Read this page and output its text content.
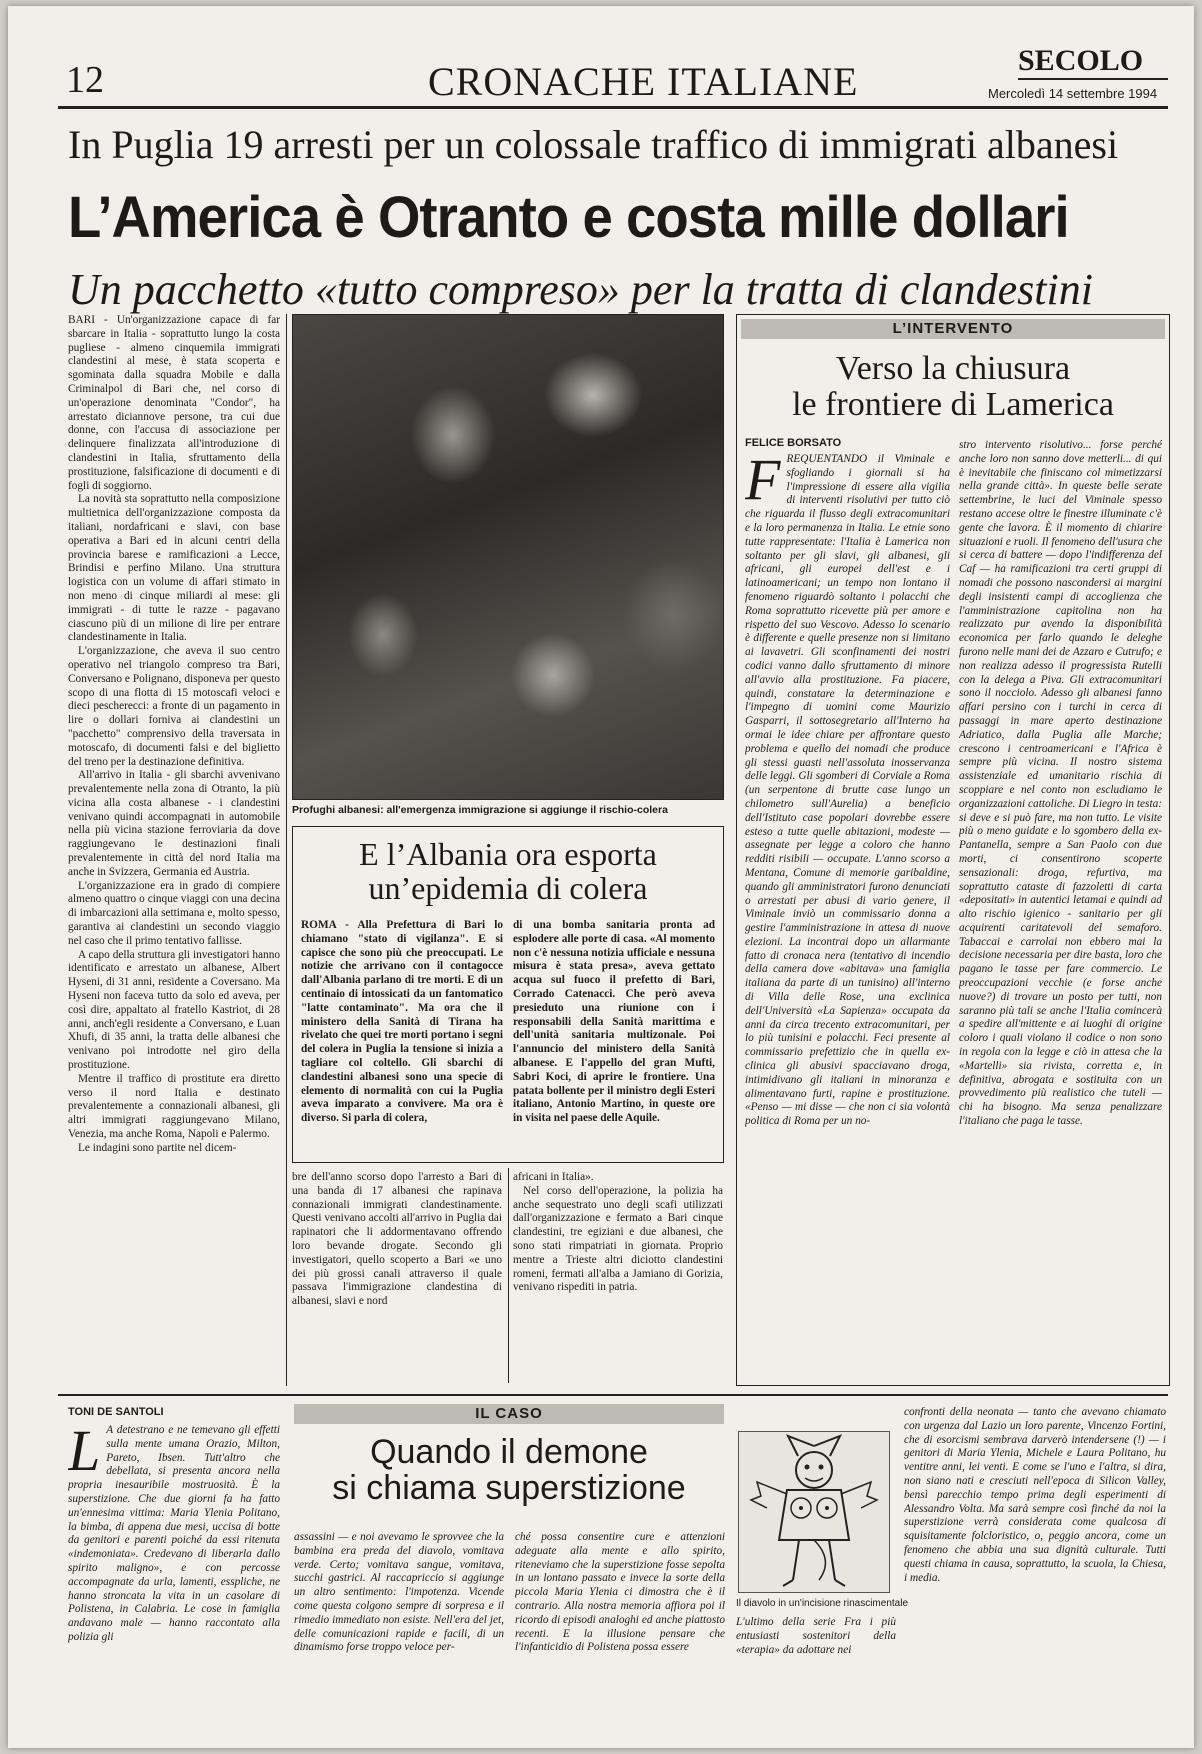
12	CRONACHE ITALIANE	SECOLO
Mercoledì 14 settembre 1994
In Puglia 19 arresti per un colossale traffico di immigrati albanesi
L’America è Otranto e costa mille dollari
Un pacchetto «tutto compreso» per la tratta di clandestini

BARI - Un'organizzazione capace di far sbarcare in Italia - soprattutto lungo la costa pugliese - almeno cinquemila immigrati clandestini al mese, è stata scoperta e sgominata dalla squadra Mobile e dalla Criminalpol di Bari che, nel corso di un'operazione denominata "Condor", ha arrestato diciannove persone, tra cui due donne, con l'accusa di associazione per delinquere finalizzata all'introduzione di clandestini in Italia, sfruttamento della prostituzione, falsificazione di documenti e di fogli di soggiorno.

La novità sta soprattutto nella composizione multietnica dell'organizzazione composta da italiani, nordafricani e slavi, con base operativa a Bari ed in alcuni centri della provincia barese e ramificazioni a Lecce, Brindisi e perfino Milano. Una struttura logistica con un volume di affari stimato in non meno di cinque miliardi al mese: gli immigrati - di tutte le razze - pagavano ciascuno più di un milione di lire per entrare clandestinamente in Italia.

L'organizzazione, che aveva il suo centro operativo nel triangolo compreso tra Bari, Conversano e Polignano, disponeva per questo scopo di una flotta di 15 motoscafi veloci e dieci pescherecci: a fronte di un pagamento in lire o dollari forniva ai clandestini un "pacchetto" comprensivo della traversata in motoscafo, di documenti falsi e del biglietto del treno per la destinazione definitiva.

All'arrivo in Italia - gli sbarchi avvenivano prevalentemente nella zona di Otranto, la più vicina alla costa albanese - i clandestini venivano quindi accompagnati in automobile nella più vicina stazione ferroviaria da dove raggiungevano le destinazioni finali prevalentemente in città del nord Italia ma anche in Svizzera, Germania ed Austria.

L'organizzazione era in grado di compiere almeno quattro o cinque viaggi con una decina di imbarcazioni alla settimana e, molto spesso, garantiva ai clandestini un secondo viaggio nel caso che il primo tentativo fallisse.

A capo della struttura gli investigatori hanno identificato e arrestato un albanese, Albert Hyseni, di 31 anni, residente a Coversano. Ma Hyseni non faceva tutto da solo ed aveva, per così dire, appaltato al fratello Kastriot, di 28 anni, anch'egli residente a Conversano, e Luan Xhufi, di 35 anni, la tratta delle albanesi che venivano poi introdotte nel giro della prostituzione.

Mentre il traffico di prostitute era diretto verso il nord Italia e destinato prevalentemente a connazionali albanesi, gli altri immigrati raggiungevano Milano, Venezia, ma anche Roma, Napoli e Palermo.

Le indagini sono partite nel dicem-

Profughi albanesi: all'emergenza immigrazione si aggiunge il rischio-colera
E l’Albania ora esporta un’epidemia di colera
ROMA - Alla Prefettura di Bari lo chiamano "stato di vigilanza". E si capisce che sono più che preoccupati. Le notizie che arrivano con il contagocce dall'Albania parlano di tre morti. E di un centinaio di intossicati da un fantomatico "latte contaminato". Ma ora che il ministero della Sanità di Tirana ha rivelato che quei tre morti portano i segni del colera in Puglia la tensione si inizia a tagliare col coltello. Gli sbarchi di clandestini albanesi sono una specie di elemento di normalità con cui la Puglia aveva imparato a convivere. Ma ora è diverso. Si parla di colera,
di una bomba sanitaria pronta ad esplodere alle porte di casa. «Al momento non c'è nessuna notizia ufficiale e nessuna misura è stata presa», aveva gettato acqua sul fuoco il prefetto di Bari, Corrado Catenacci. Che però aveva presieduto una riunione con i responsabili della Sanità marittima e dell'unità sanitaria multizonale. Poi l'annuncio del ministero della Sanità albanese. E l'appello del gran Mufti, Sabri Koci, di aprire le frontiere. Una patata bollente per il ministro degli Esteri italiano, Antonio Martino, in queste ore in visita nel paese delle Aquile.

bre dell'anno scorso dopo l'arresto a Bari di una banda di 17 albanesi che rapinava connazionali immigrati clandestinamente. Questi venivano accolti all'arrivo in Puglia dai rapinatori che li addormentavano offrendo loro bevande drogate. Secondo gli investigatori, quello scoperto a Bari «e uno dei più grossi canali attraverso il quale passava l'immigrazione clandestina di albanesi, slavi e nord

africani in Italia».

Nel corso dell'operazione, la polizia ha anche sequestrato uno degli scafi utilizzati dall'organizzazione e fermato a Bari cinque clandestini, tre egiziani e due albanesi, che sono stati rimpatriati in giornata. Proprio mentre a Trieste altri diciotto clandestini romeni, fermati all'alba a Jamiano di Gorizia, venivano rispediti in patria.

L’INTERVENTO
Verso la chiusura
le frontiere di Lamerica
FELICE BORSATO
FREQUENTANDO il Viminale e sfogliando i giornali si ha l'impressione di essere alla vigilia di interventi risolutivi per tutto ciò che riguarda il flusso degli extracomunitari e la loro permanenza in Italia. Le etnie sono tutte rappresentate: l'Italia è Lamerica non soltanto per gli slavi, gli albanesi, gli africani, gli europei dell'est e i latinoamericani; un tempo non lontano il fenomeno riguardò soltanto i polacchi che Roma soprattutto ricevette più per amore e rispetto del suo Vescovo. Adesso lo scenario è differente e quelle presenze non si limitano ai lavavetri. Gli sconfinamenti dei nostri codici vanno dallo sfruttamento di minore all'avvio alla prostituzione. Fa piacere, quindi, constatare la determinazione e l'impegno di uomini come Maurizio Gasparri, il sottosegretario all'Interno ha ormai le idee chiare per affrontare questo problema e quello dei nomadi che produce gli stessi guasti nell'assoluta inosservanza delle leggi. Gli sgomberi di Corviale a Roma (un serpentone di brutte case lungo un chilometro sull'Aurelia) a beneficio dell'Istituto case popolari dovrebbe essere esteso a tutte quelle abitazioni, modeste — assegnate per legge a coloro che hanno redditi risibili — occupate. L'anno scorso a Mentana, Comune di memorie garibaldine, quando gli amministratori furono denunciati o arrestati per abusi di vario genere, il Viminale inviò un commissario donna a gestire l'amministrazione in attesa di nuove elezioni. La incontrai dopo un allarmante fatto di cronaca nera (tentativo di incendio della camera dove «abitava» una famiglia italiana da parte di un tunisino) all'interno di Villa delle Rose, una exclinica dell'Università «La Sapienza» occupata da anni da circa trecento extracomunitari, per lo più tunisini e polacchi. Feci presente al commissario prefettizio che in quella ex-clinica gli abusivi spacciavano droga, intimidivano gli italiani in minoranza e alimentavano furti, rapine e prostituzione. «Penso — mi disse — che non ci sia volontà politica di Roma per un no-
stro intervento risolutivo... forse perché anche loro non sanno dove metterli... di qui è inevitabile che finiscano col mimetizzarsi nella grande città». In queste belle serate settembrine, le luci del Viminale spesso restano accese oltre le finestre illuminate c'è gente che lavora. È il momento di chiarire situazioni e ruoli. Il fenomeno dell'usura che si cerca di battere — dopo l'indifferenza del Caf — ha ramificazioni tra certi gruppi di nomadi che possono nascondersi ai margini degli insistenti campi di accoglienza che l'amministrazione capitolina non ha realizzato pur avendo la disponibilità economica per farlo quando le deleghe furono nelle mani dei de Azzaro e Cutrufo; e non realizza adesso il progressista Rutelli con la delega a Piva. Gli extracomunitari sono il nocciolo. Adesso gli albanesi fanno affari persino con i turchi in cerca di passaggi in mare aperto destinazione Adriatico, dalla Puglia alle Marche; crescono i centroamericani e l'Africa è sempre più vicina. Il nostro sistema assistenziale ed umanitario rischia di scoppiare e nel conto non escludiamo le organizzazioni cattoliche. Di Liegro in testa: si deve e si può fare, ma non tutto. Le visite più o meno guidate e lo sgombero della ex-Pantanella, sempre a San Paolo con due morti, ci consentirono scoperte sensazionali: droga, refurtiva, ma soprattutto cataste di fazzoletti di carta «depositati» in autentici letamai e quindi ad alto rischio igienico - sanitario per gli acquirenti caritatevoli del semaforo. Tabaccai e carrolai non ebbero mai la decisione necessaria per dire basta, loro che pagano le tasse per fare commercio. Le preoccupazioni vecchie (e forse anche nuove?) di trovare un posto per tutti, non saranno più tali se anche l'Italia comincerà a spedire all'mittente e ai luoghi di origine coloro i quali violano il codice o non sono in regola con la legge e ciò in attesa che la «Martelli» sia rivista, corretta e, in definitiva, abrogata e sostituita con un provvedimento più realistico che tuteli — chi ha bisogno. Ma senza penalizzare l'italiano che paga le tasse.
TONI DE SANTOLI	IL CASO
Quando il demone
si chiama superstizione
L A detestrano e ne temevano gli effetti sulla mente umana Orazio, Milton, Pareto, Ibsen. Tutt'altro che debellata, si presenta ancora nella propria inesauribile mostruosità. È la superstizione. Che due giorni fa ha fatto un'ennesima vittima: Maria Ylenia Politano, la bimba, di appena due mesi, uccisa di botte da genitori e parenti poiché da essi ritenuta «indemoniata». Credevano di liberarla dallo spirito maligno», e con percosse accompagnate da urla, lamenti, esspliche, ne hanno stroncata la vita in un casolare di Polistena, in Calabria. Le cose in famiglia andavano male — hanno raccontato alla polizia gli
assassini — e noi avevamo le sprovvee che la bambina era preda del diavolo, vomitava verde. Certo; vomitava sangue, vomitava, succhi gastrici. Al raccapriccio si aggiunge un altro sentimento: l'impotenza. Vicende come questa colgono sempre di sorpresa e il rimedio immediato non esiste. Nell'era del jet, delle comunicazioni rapide e facili, di un dinamismo forse troppo veloce per-
ché possa consentire cure e attenzioni adeguate alla mente e allo spirito, riteneviamo che la superstizione fosse sepolta in un lontano passato e invece la sorte della piccola Maria Ylenia ci dimostra che è il contrario. Alla nostra memoria affiora poi il ricordo di episodi analoghi ed anche piattosto recenti. E la illusione pensare che l'infanticidio di Polistena possa essere
Il diavolo in un'incisione rinascimentale
confronti della neonata — tanto che avevano chiamato con urgenza dal Lazio un loro parente, Vincenzo Fortini, che di esorcismi sembrava darverò intendersene (!) — i genitori di Maria Ylenia, Michele e Laura Politano, hu ventitre anni, lei venti. E come se l'uno e l'altra, si dira, non siano nati e cresciuti nell'epoca di Silicon Valley, bensì parecchio tempo prima degli esperimenti di Alessandro Volta. Ma sarà sempre così finché da noi la superstizione verrà considerata come qualcosa di squisitamente folcloristico, o, peggio ancora, come un fenomeno che abbia una sua dignità culturale. Tutti questi chiama in causa, soprattutto, la scuola, la Chiesa, i media.
L'ultimo della serie Fra i più entusiasti sostenitori della «terapia» da adottare nei
